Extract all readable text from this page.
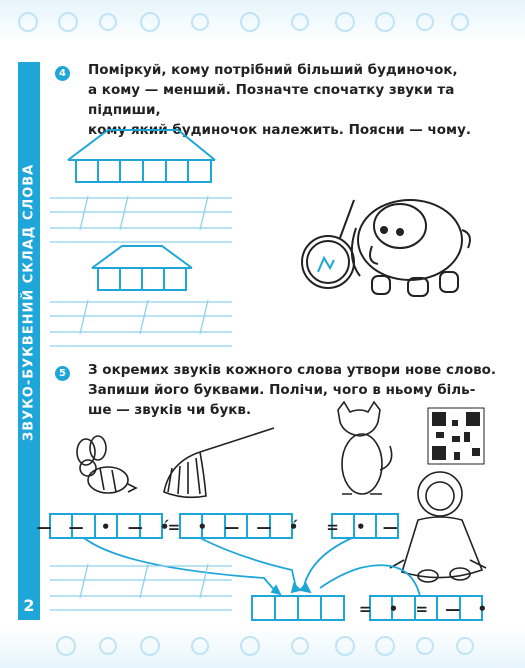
ЗВУКО-БУКВЕНИЙ СКЛАД СЛОВА
2
4 Поміркуй, кому потрібний більший будиночок,
а кому — менший. Позначте спочатку звуки та підпиши,
кому який будиночок належить. Поясни — чому.
5 З окремих звуків кожного слова утвори нове слово.
Запиши його буквами. Полічи, чого в ньому біль-
ше — звуків чи букв.
— — • — •́
= • — — •́ = • —
= • = — •
